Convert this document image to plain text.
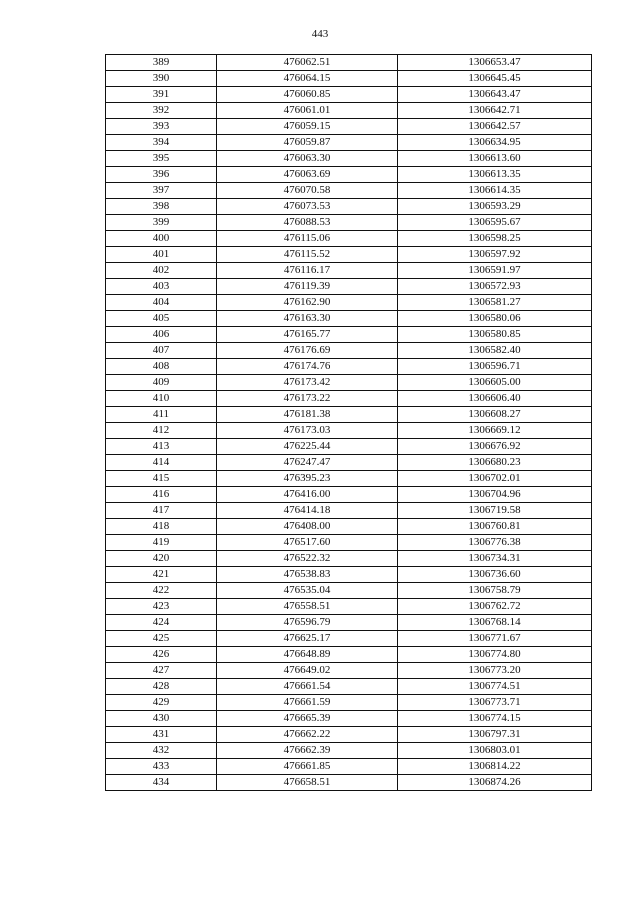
443
389	476062.51	1306653.47
390	476064.15	1306645.45
391	476060.85	1306643.47
392	476061.01	1306642.71
393	476059.15	1306642.57
394	476059.87	1306634.95
395	476063.30	1306613.60
396	476063.69	1306613.35
397	476070.58	1306614.35
398	476073.53	1306593.29
399	476088.53	1306595.67
400	476115.06	1306598.25
401	476115.52	1306597.92
402	476116.17	1306591.97
403	476119.39	1306572.93
404	476162.90	1306581.27
405	476163.30	1306580.06
406	476165.77	1306580.85
407	476176.69	1306582.40
408	476174.76	1306596.71
409	476173.42	1306605.00
410	476173.22	1306606.40
411	476181.38	1306608.27
412	476173.03	1306669.12
413	476225.44	1306676.92
414	476247.47	1306680.23
415	476395.23	1306702.01
416	476416.00	1306704.96
417	476414.18	1306719.58
418	476408.00	1306760.81
419	476517.60	1306776.38
420	476522.32	1306734.31
421	476538.83	1306736.60
422	476535.04	1306758.79
423	476558.51	1306762.72
424	476596.79	1306768.14
425	476625.17	1306771.67
426	476648.89	1306774.80
427	476649.02	1306773.20
428	476661.54	1306774.51
429	476661.59	1306773.71
430	476665.39	1306774.15
431	476662.22	1306797.31
432	476662.39	1306803.01
433	476661.85	1306814.22
434	476658.51	1306874.26
